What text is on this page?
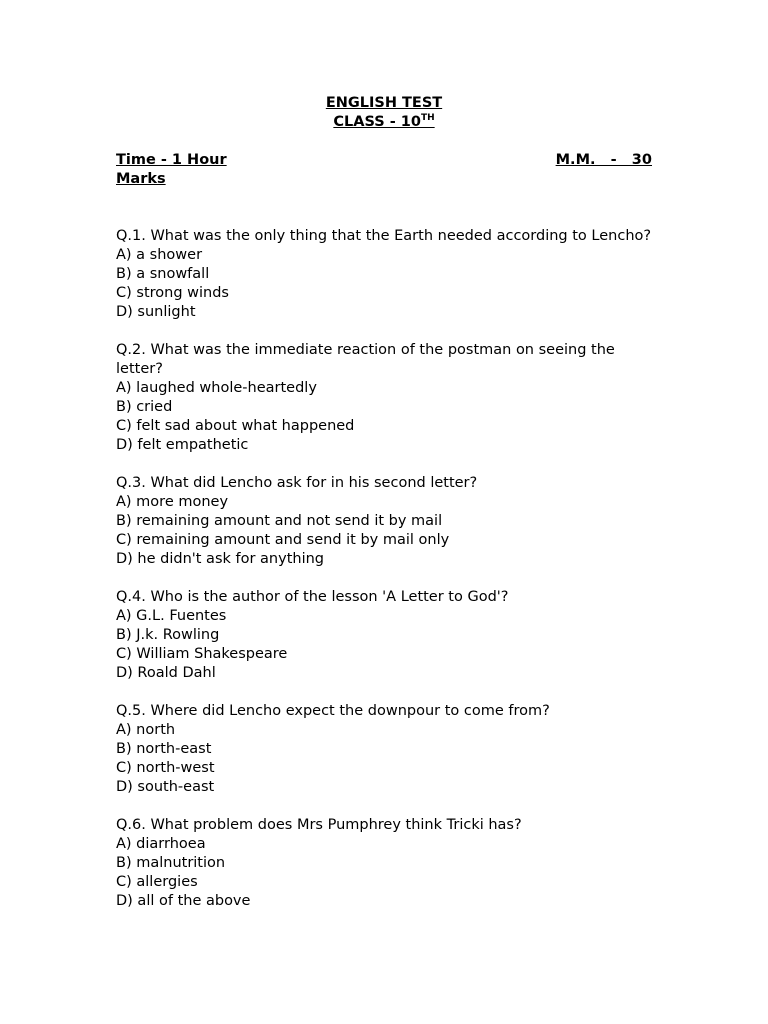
ENGLISH TEST
CLASS - 10TH
Time - 1 Hour	M.M.   -   30
Marks
Q.1. What was the only thing that the Earth needed according to Lencho?
A) a shower
B) a snowfall
C) strong winds
D) sunlight
Q.2. What was the immediate reaction of the postman on seeing the letter?
A) laughed whole-heartedly
B) cried
C) felt sad about what happened
D) felt empathetic
Q.3. What did Lencho ask for in his second letter?
A) more money
B) remaining amount and not send it by mail
C) remaining amount and send it by mail only
D) he didn't ask for anything
Q.4. Who is the author of the lesson 'A Letter to God'?
A) G.L. Fuentes
B) J.k. Rowling
C) William Shakespeare
D) Roald Dahl
Q.5. Where did Lencho expect the downpour to come from?
A) north
B) north-east
C) north-west
D) south-east
Q.6. What problem does Mrs Pumphrey think Tricki has?
A) diarrhoea
B) malnutrition
C) allergies
D) all of the above
